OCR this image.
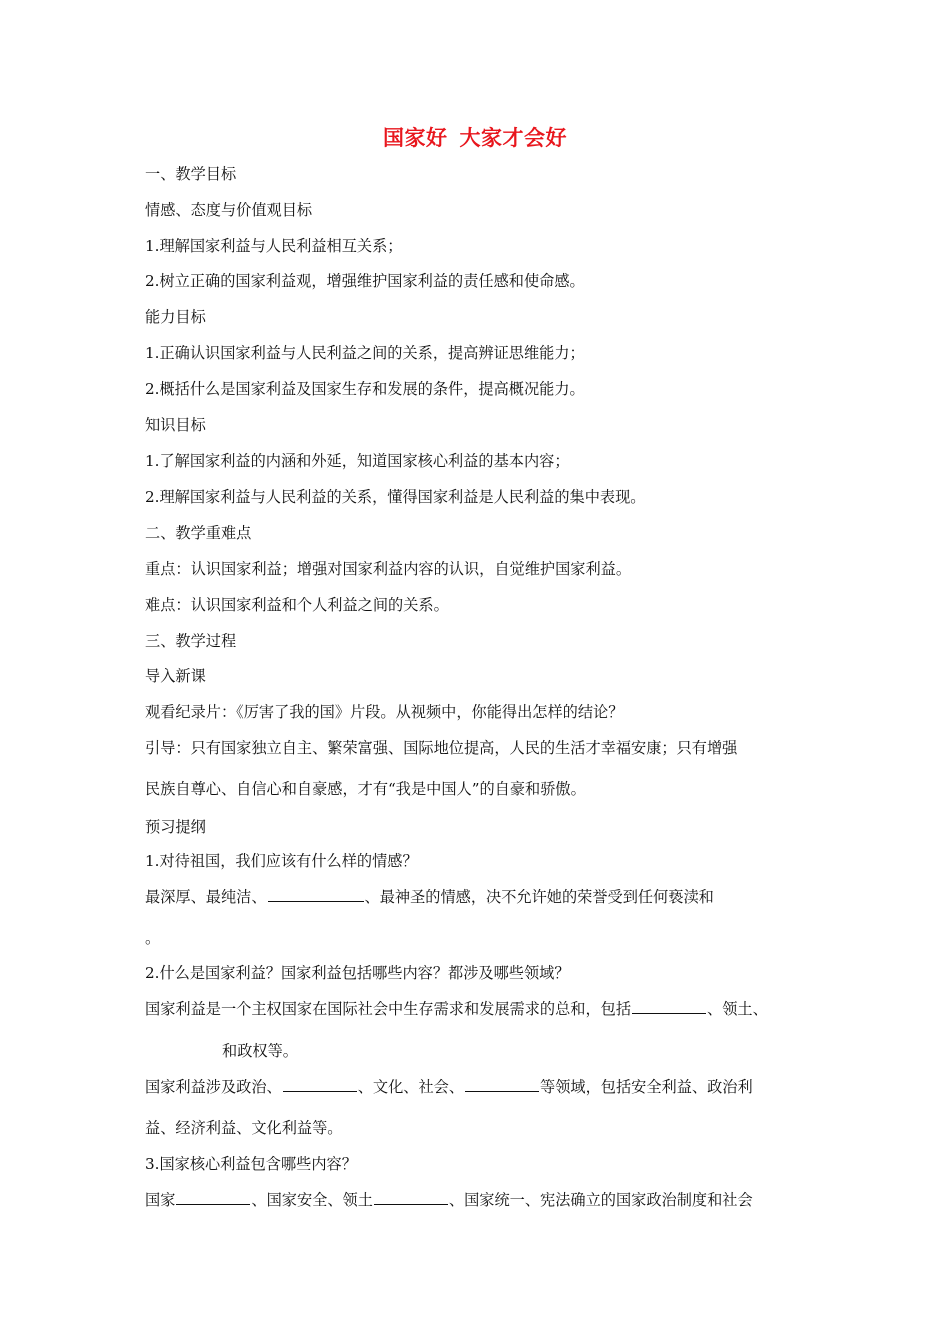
国家好 大家才会好
一、教学目标
情感、态度与价值观目标
1.理解国家利益与人民利益相互关系；
2.树立正确的国家利益观，增强维护国家利益的责任感和使命感。
能力目标
1.正确认识国家利益与人民利益之间的关系，提高辨证思维能力；
2.概括什么是国家利益及国家生存和发展的条件，提高概况能力。
知识目标
1.了解国家利益的内涵和外延，知道国家核心利益的基本内容；
2.理解国家利益与人民利益的关系，懂得国家利益是人民利益的集中表现。
二、教学重难点
重点：认识国家利益；增强对国家利益内容的认识，自觉维护国家利益。
难点：认识国家利益和个人利益之间的关系。
三、教学过程
导入新课
观看纪录片：《厉害了我的国》片段。从视频中，你能得出怎样的结论？
引导：只有国家独立自主、繁荣富强、国际地位提高，人民的生活才幸福安康；只有增强
民族自尊心、自信心和自豪感，才有“我是中国人”的自豪和骄傲。
预习提纲
1.对待祖国，我们应该有什么样的情感？
最深厚、最纯洁、	、最神圣的情感，决不允许她的荣誉受到任何亵渎和
。
2.什么是国家利益？国家利益包括哪些内容？都涉及哪些领域？
国家利益是一个主权国家在国际社会中生存需求和发展需求的总和，包括	、领土、
和政权等。
国家利益涉及政治、	、文化、社会、	等领域，包括安全利益、政治利
益、经济利益、文化利益等。
3.国家核心利益包含哪些内容？
国家	、国家安全、领土	、国家统一、宪法确立的国家政治制度和社会
